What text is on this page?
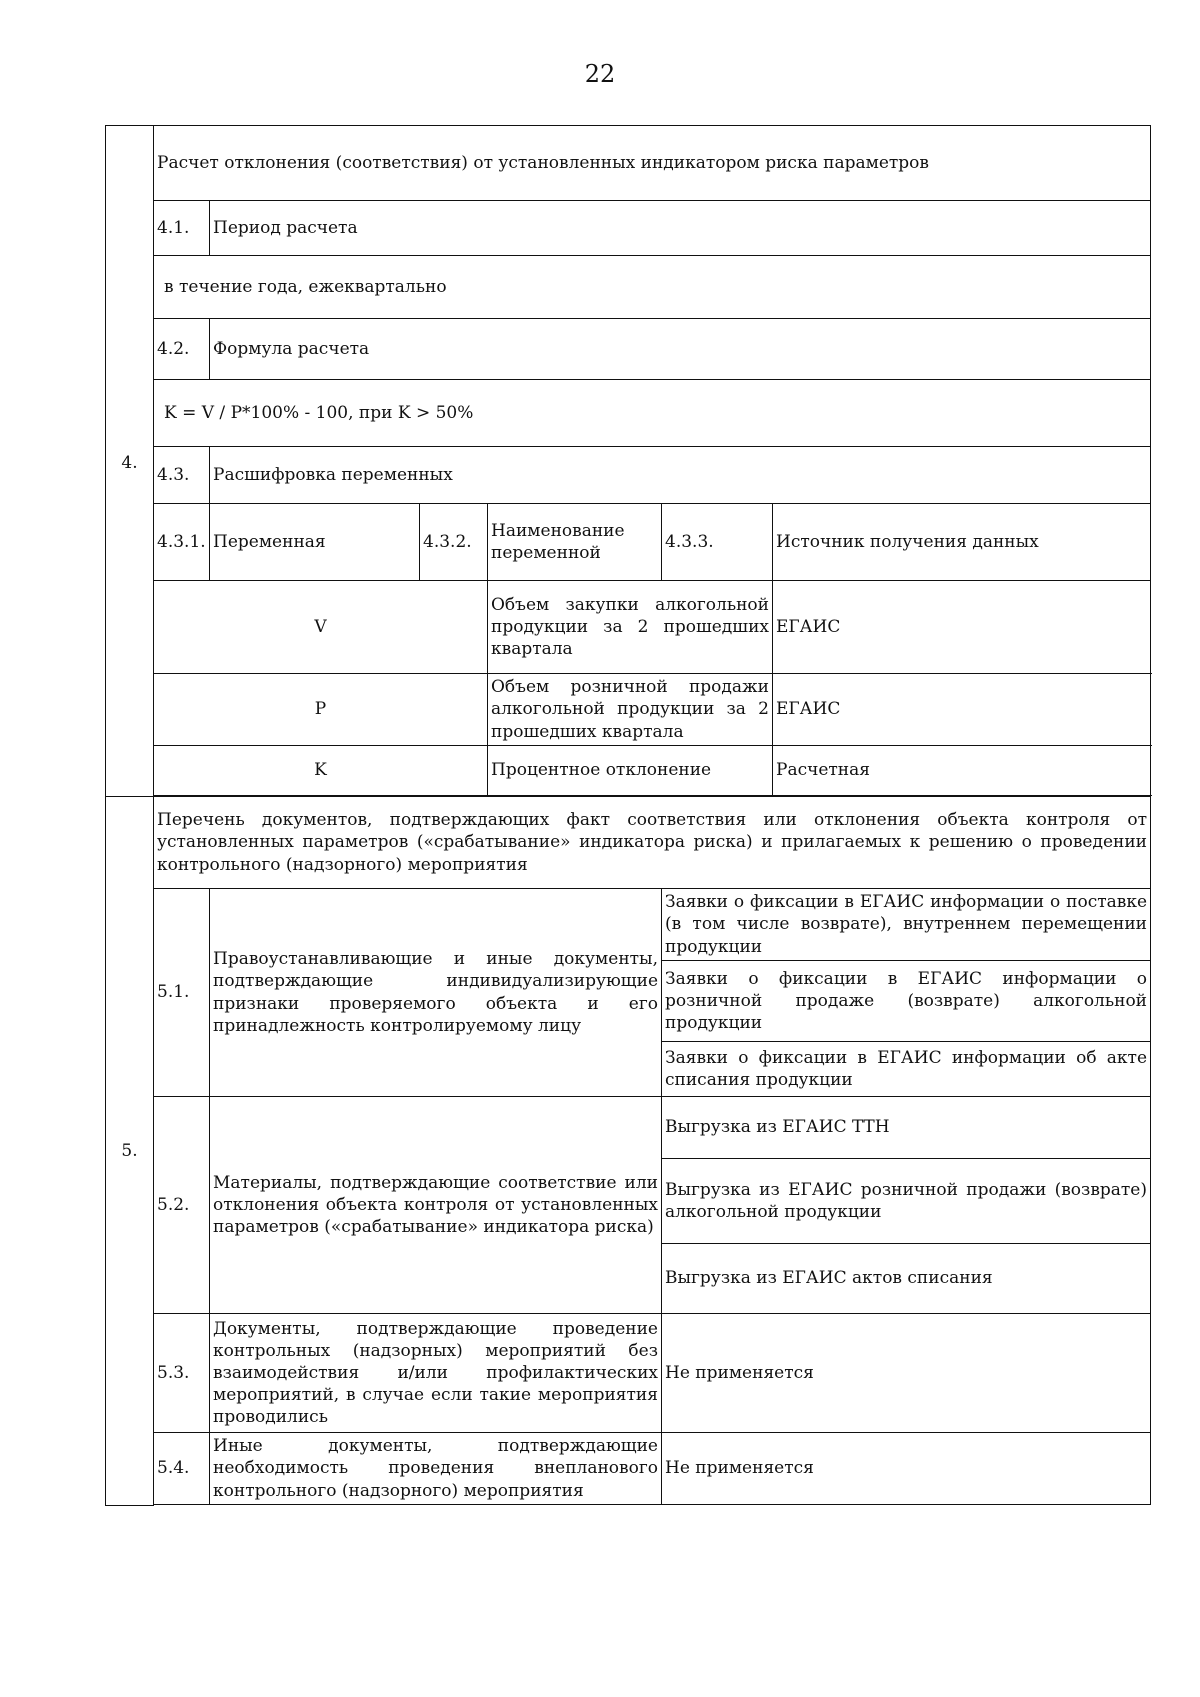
22
4.	Расчет отклонения (соответствия) от установленных индикатором риска параметров					
	4.1.	Период расчета				
	в течение года, ежеквартально					
	4.2.	Формула расчета				
	K = V / P*100% - 100, при K > 50%					
	4.3.	Расшифровка переменных				
	4.3.1.	Переменная	4.3.2.	Наименование переменной	4.3.3.	Источник получения данных
	V			Объем закупки алкогольной продукции за 2 прошедших квартала		ЕГАИС
	P			Объем розничной продажи алкогольной продукции за 2 прошедших квартала		ЕГАИС
	K			Процентное отклонение		Расчетная

5.	Перечень документов, подтверждающих факт соответствия или отклонения объекта контроля от установленных параметров («срабатывание» индикатора риска) и прилагаемых к решению о проведении контрольного (надзорного) мероприятия					
	5.1.	Правоустанавливающие и иные документы, подтверждающие индивидуализирующие признаки проверяемого объекта и его принадлежность контролируемому лицу			Заявки о фиксации в ЕГАИС информации о поставке (в том числе возврате), внутреннем перемещении продукции	
					Заявки о фиксации в ЕГАИС информации о розничной продаже (возврате) алкогольной продукции	
					Заявки о фиксации в ЕГАИС информации об акте списания продукции	
	5.2.	Материалы, подтверждающие соответствие или отклонения объекта контроля от установленных параметров («срабатывание» индикатора риска)			Выгрузка из ЕГАИС ТТН	
					Выгрузка из ЕГАИС розничной продажи (возврате) алкогольной продукции	
					Выгрузка из ЕГАИС актов списания	
	5.3.	Документы, подтверждающие проведение контрольных (надзорных) мероприятий без взаимодействия и/или профилактических мероприятий, в случае если такие мероприятия проводились			Не применяется	
	5.4.	Иные документы, подтверждающие необходимость проведения внепланового контрольного (надзорного) мероприятия			Не применяется	
